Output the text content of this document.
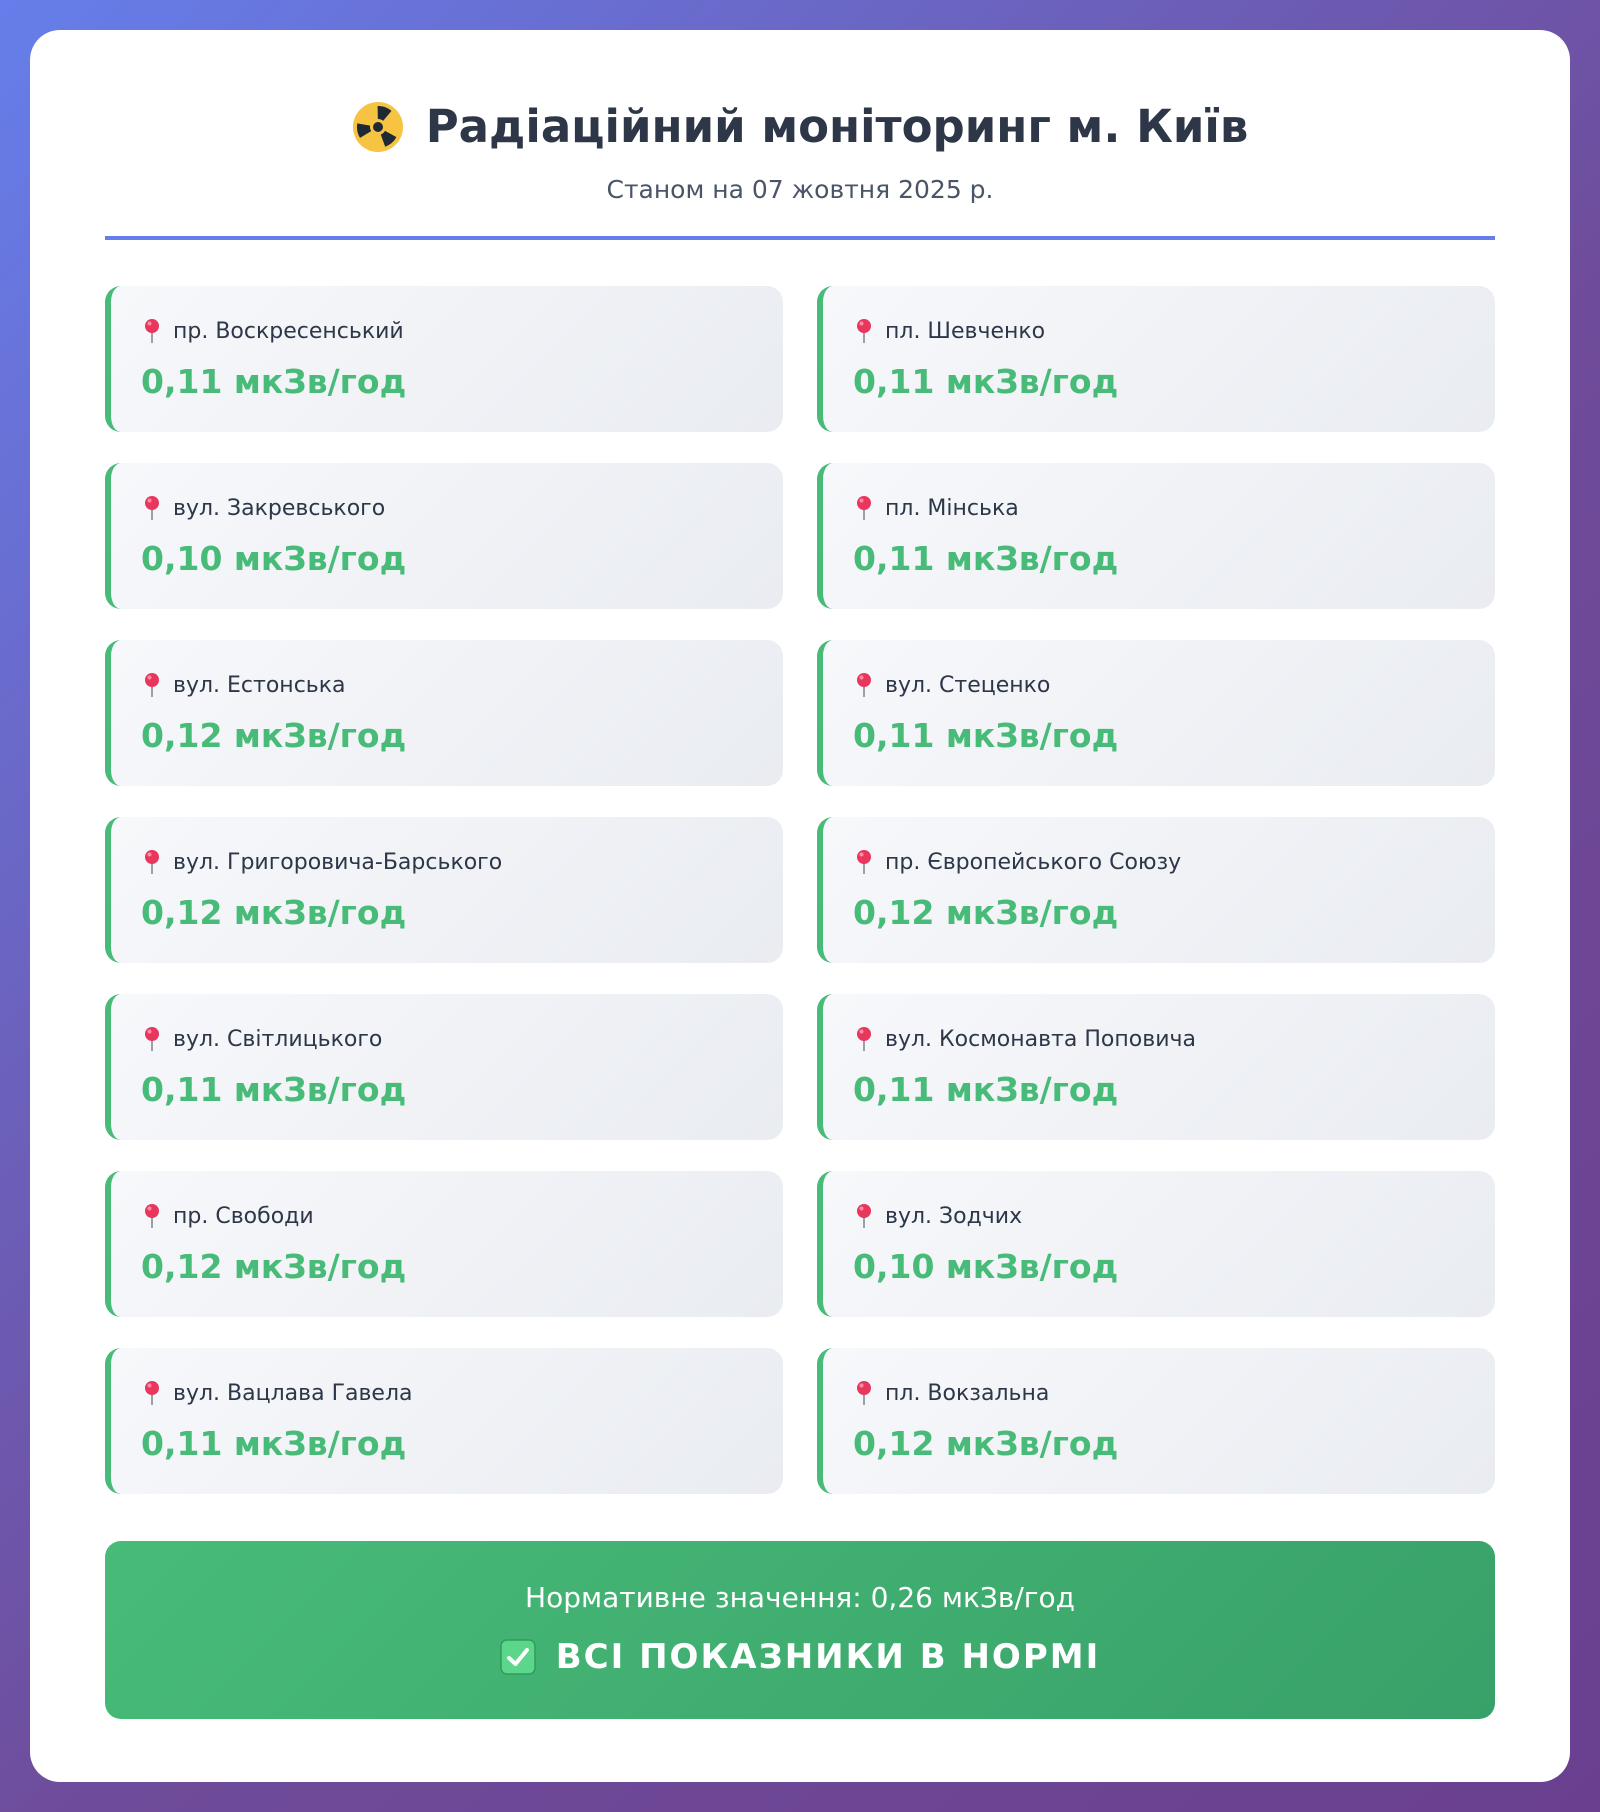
Радіаційний моніторинг м. Київ
Станом на 07 жовтня 2025 р.
пр. Воскресенський
0,11 мкЗв/год
пл. Шевченко
0,11 мкЗв/год
вул. Закревського
0,10 мкЗв/год
пл. Мінська
0,11 мкЗв/год
вул. Естонська
0,12 мкЗв/год
вул. Стеценко
0,11 мкЗв/год
вул. Григоровича-Барського
0,12 мкЗв/год
пр. Європейського Союзу
0,12 мкЗв/год
вул. Світлицького
0,11 мкЗв/год
вул. Космонавта Поповича
0,11 мкЗв/год
пр. Свободи
0,12 мкЗв/год
вул. Зодчих
0,10 мкЗв/год
вул. Вацлава Гавела
0,11 мкЗв/год
пл. Вокзальна
0,12 мкЗв/год
Нормативне значення: 0,26 мкЗв/год
ВСІ ПОКАЗНИКИ В НОРМІ
